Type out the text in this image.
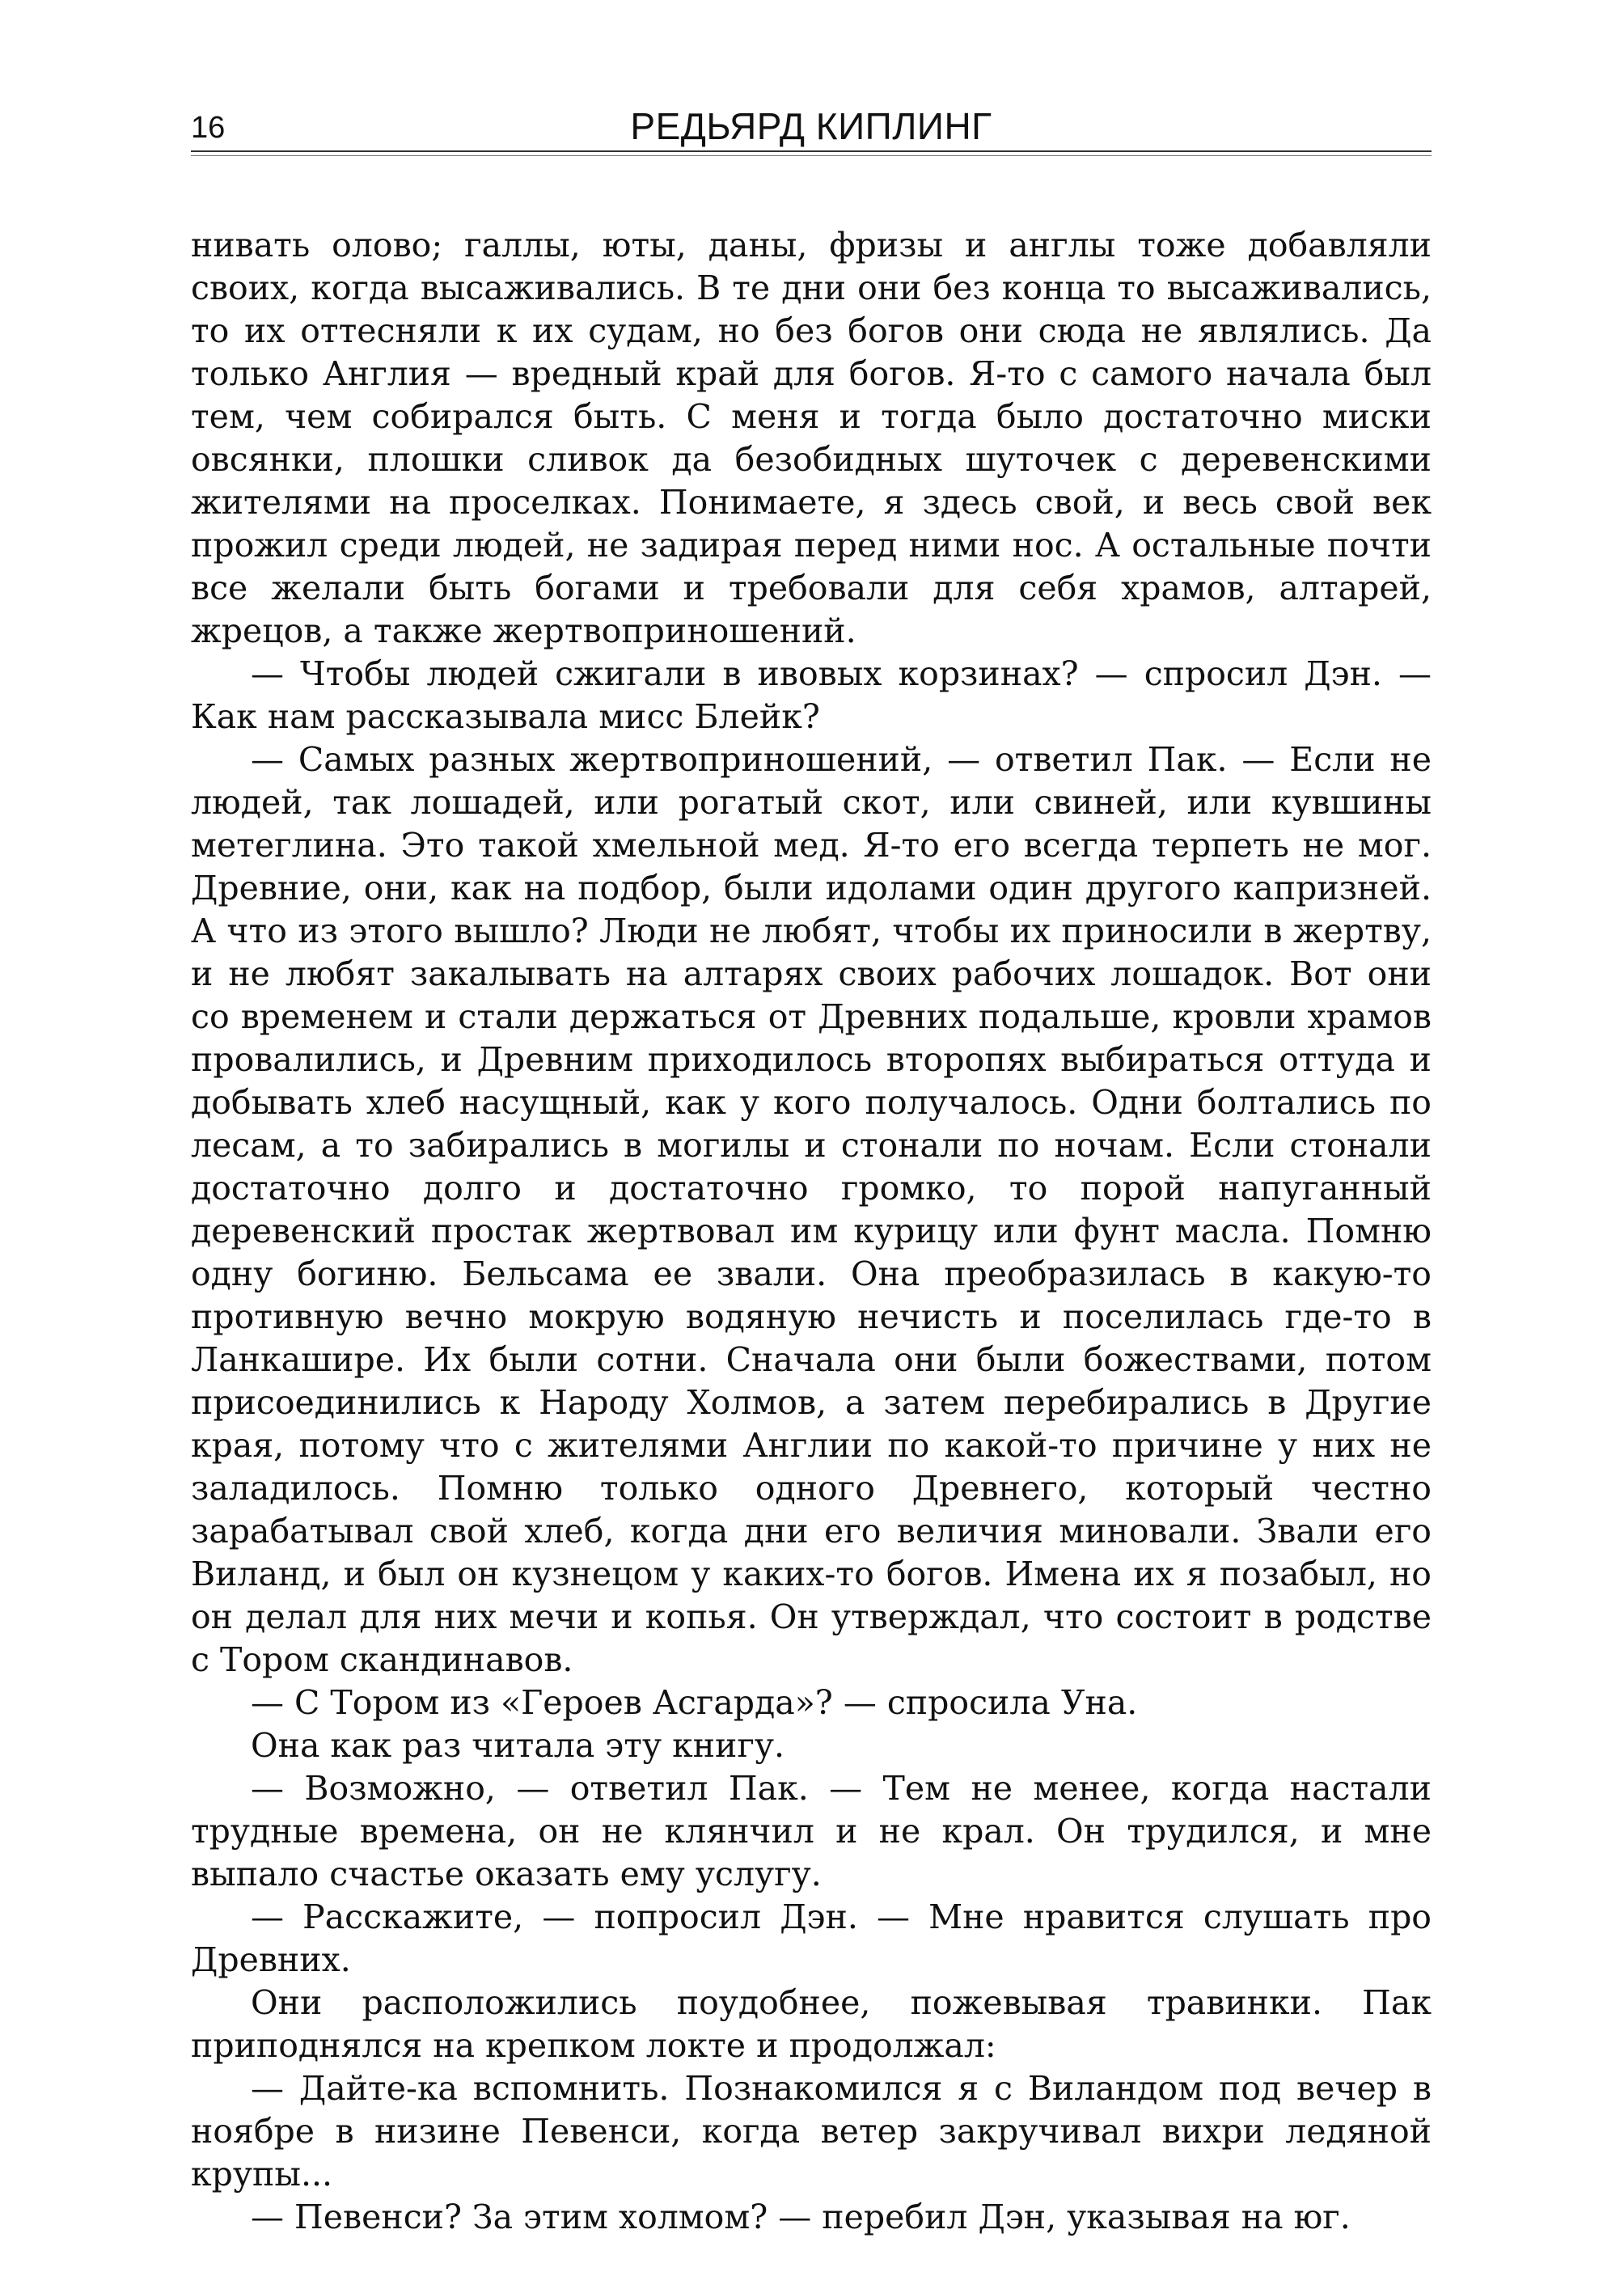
16	РЕДЬЯРД КИПЛИНГ

нивать олово; галлы, юты, даны, фризы и англы тоже добавляли своих, когда высаживались. В те дни они без конца то высаживались, то их оттесняли к их судам, но без богов они сюда не являлись. Да только Англия — вредный край для богов. Я-то с самого начала был тем, чем собирался быть. С меня и тогда было достаточно миски овсянки, плошки сливок да безобидных шуточек с деревенскими жителями на проселках. Понимаете, я здесь свой, и весь свой век прожил среди людей, не задирая перед ними нос. А остальные почти все желали быть богами и требовали для себя храмов, алтарей, жрецов, а также жертвоприношений.

— Чтобы людей сжигали в ивовых корзинах? — спросил Дэн. — Как нам рассказывала мисс Блейк?

— Самых разных жертвоприношений, — ответил Пак. — Если не людей, так лошадей, или рогатый скот, или свиней, или кувшины метеглина. Это такой хмельной мед. Я-то его всегда терпеть не мог. Древние, они, как на подбор, были идолами один другого капризней. А что из этого вышло? Люди не любят, чтобы их приносили в жертву, и не любят закалывать на алтарях своих рабочих лошадок. Вот они со временем и стали держаться от Древних подальше, кровли храмов провалились, и Древним приходилось второпях выбираться оттуда и добывать хлеб насущный, как у кого получалось. Одни болтались по лесам, а то забирались в могилы и стонали по ночам. Если стонали достаточно долго и достаточно громко, то порой напуганный деревенский простак жертвовал им курицу или фунт масла. Помню одну богиню. Бельсама ее звали. Она преобразилась в какую-то противную вечно мокрую водяную нечисть и поселилась где-то в Ланкашире. Их были сотни. Сначала они были божествами, потом присоединились к Народу Холмов, а затем перебирались в Другие края, потому что с жителями Англии по какой-то причине у них не заладилось. Помню только одного Древнего, который честно зарабатывал свой хлеб, когда дни его величия миновали. Звали его Виланд, и был он кузнецом у каких-то богов. Имена их я позабыл, но он делал для них мечи и копья. Он утверждал, что состоит в родстве с Тором скандинавов.

— С Тором из «Героев Асгарда»? — спросила Уна.

Она как раз читала эту книгу.

— Возможно, — ответил Пак. — Тем не менее, когда настали трудные времена, он не клянчил и не крал. Он трудился, и мне выпало счастье оказать ему услугу.

— Расскажите, — попросил Дэн. — Мне нравится слушать про Древних.

Они расположились поудобнее, пожевывая травинки. Пак приподнялся на крепком локте и продолжал:

— Дайте-ка вспомнить. Познакомился я с Виландом под вечер в ноябре в низине Певенси, когда ветер закручивал вихри ледяной крупы...

— Певенси? За этим холмом? — перебил Дэн, указывая на юг.
